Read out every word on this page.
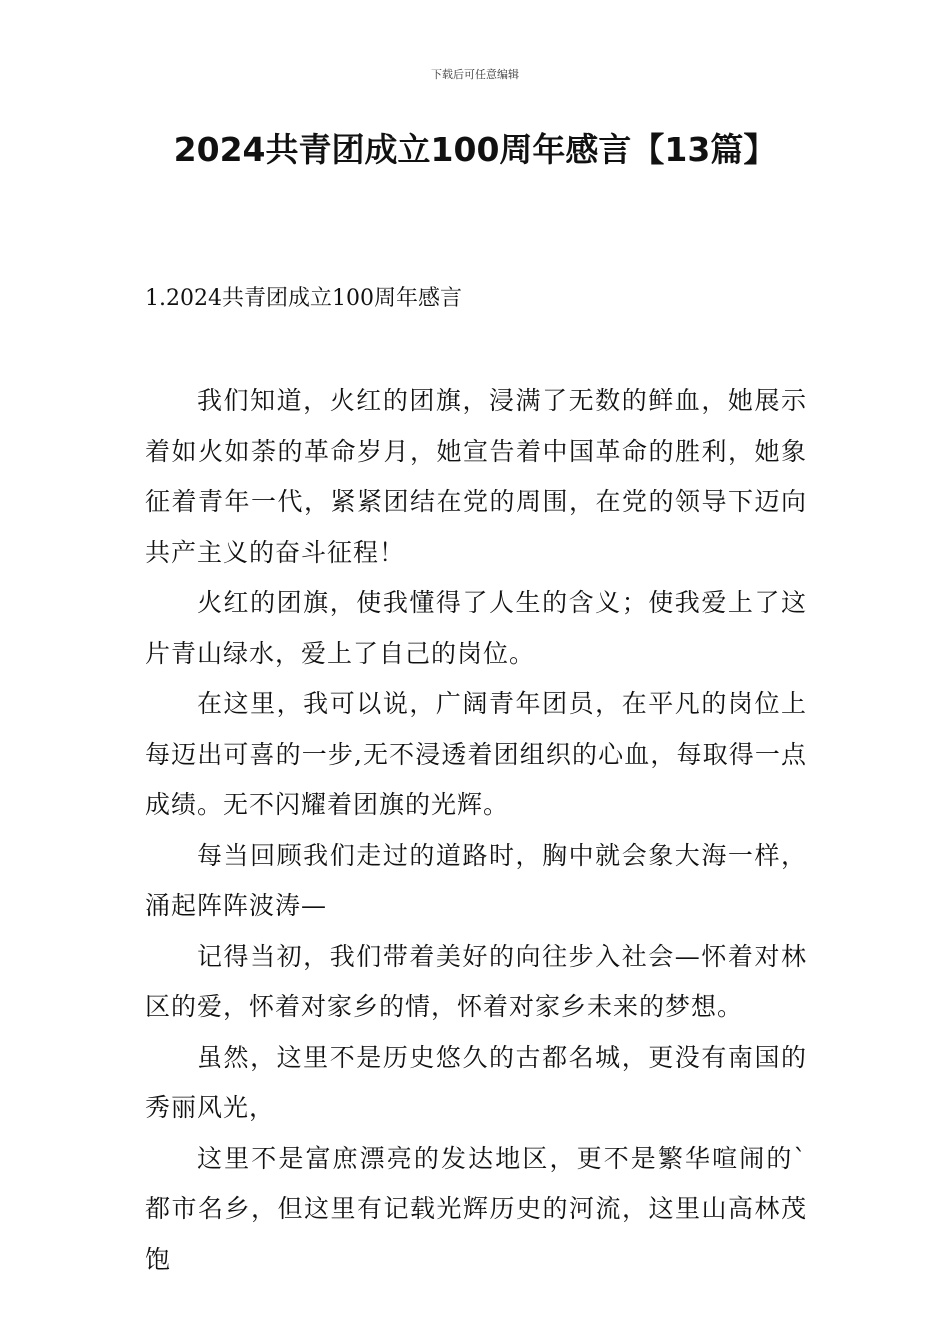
下载后可任意编辑
2024共青团成立100周年感言【13篇】
1.2024共青团成立100周年感言

我们知道，火红的团旗，浸满了无数的鲜血，她展示着如火如荼的革命岁月，她宣告着中国革命的胜利，她象征着青年一代，紧紧团结在党的周围，在党的领导下迈向共产主义的奋斗征程！

火红的团旗，使我懂得了人生的含义；使我爱上了这片青山绿水，爱上了自己的岗位。

在这里，我可以说，广阔青年团员，在平凡的岗位上每迈出可喜的一步,无不浸透着团组织的心血，每取得一点成绩。无不闪耀着团旗的光辉。

每当回顾我们走过的道路时，胸中就会象大海一样，涌起阵阵波涛—

记得当初，我们带着美好的向往步入社会—怀着对林区的爱，怀着对家乡的情，怀着对家乡未来的梦想。

虽然，这里不是历史悠久的古都名城，更没有南国的秀丽风光，

这里不是富庶漂亮的发达地区，更不是繁华喧闹的`都市名乡，但这里有记载光辉历史的河流，这里山高林茂饱
